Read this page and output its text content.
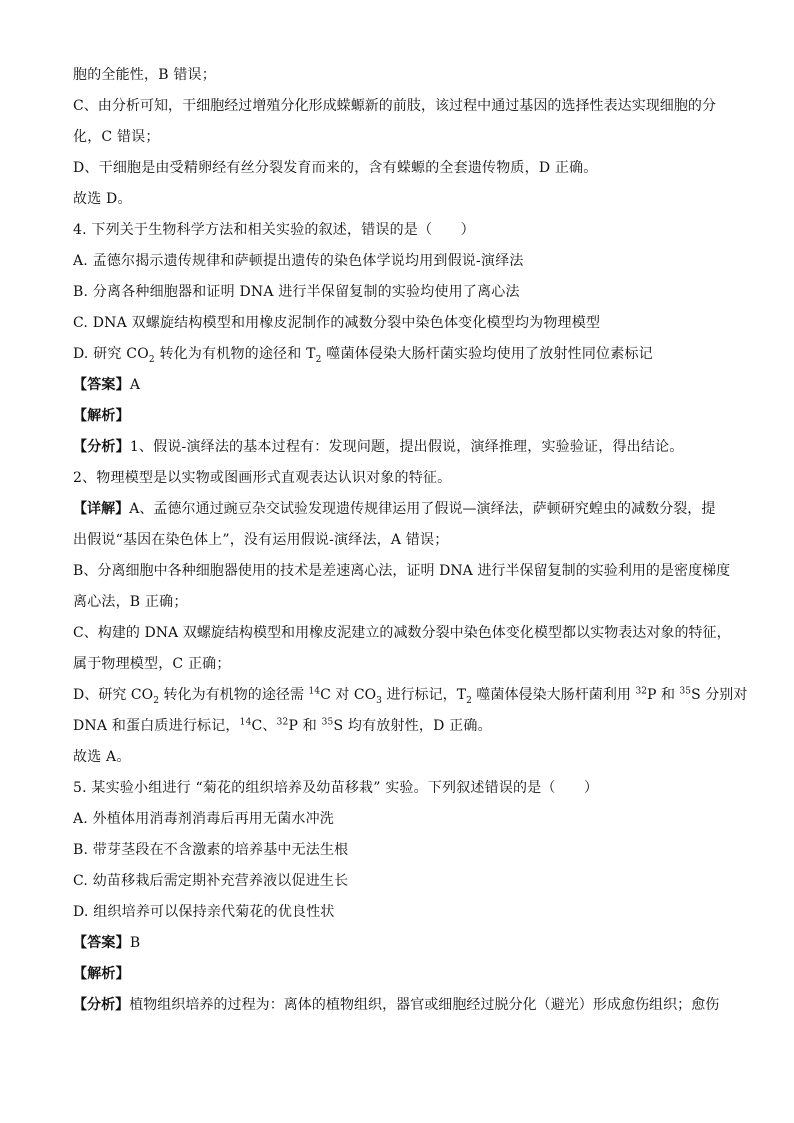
胞的全能性，B 错误；
C、由分析可知，干细胞经过增殖分化形成蝾螈新的前肢，该过程中通过基因的选择性表达实现细胞的分
化，C 错误；
D、干细胞是由受精卵经有丝分裂发育而来的，含有蝾螈的全套遗传物质，D 正确。
故选 D。
4. 下列关于生物科学方法和相关实验的叙述，错误的是（　　）
A. 孟德尔揭示遗传规律和萨顿提出遗传的染色体学说均用到假说-演绎法
B. 分离各种细胞器和证明 DNA 进行半保留复制的实验均使用了离心法
C. DNA 双螺旋结构模型和用橡皮泥制作的减数分裂中染色体变化模型均为物理模型
D. 研究 $CO_2$ 转化为有机物的途径和 $T_2$ 噬菌体侵染大肠杆菌实验均使用了放射性同位素标记
【答案】A
【解析】
【分析】1、假说-演绎法的基本过程有：发现问题，提出假说，演绎推理，实验验证，得出结论。
2、物理模型是以实物或图画形式直观表达认识对象的特征。
【详解】A、孟德尔通过豌豆杂交试验发现遗传规律运用了假说—演绎法，萨顿研究蝗虫的减数分裂，提
出假说“基因在染色体上”，没有运用假说-演绎法，A 错误；
B、分离细胞中各种细胞器使用的技术是差速离心法，证明 DNA 进行半保留复制的实验利用的是密度梯度
离心法，B 正确；
C、构建的 DNA 双螺旋结构模型和用橡皮泥建立的减数分裂中染色体变化模型都以实物表达对象的特征，
属于物理模型，C 正确；
D、研究 $CO_2$ 转化为有机物的途径需 $^{14}$C 对 $CO_3$ 进行标记，$T_2$ 噬菌体侵染大肠杆菌利用 $^{32}$P 和 $^{35}$S 分别对
DNA 和蛋白质进行标记，$^{14}$C、$^{32}$P 和 $^{35}$S 均有放射性，D 正确。
故选 A。
5. 某实验小组进行 “菊花的组织培养及幼苗移栽” 实验。下列叙述错误的是（　　）
A. 外植体用消毒剂消毒后再用无菌水冲洗
B. 带芽茎段在不含激素的培养基中无法生根
C. 幼苗移栽后需定期补充营养液以促进生长
D. 组织培养可以保持亲代菊花的优良性状
【答案】B
【解析】
【分析】植物组织培养的过程为：离体的植物组织，器官或细胞经过脱分化（避光）形成愈伤组织；愈伤
